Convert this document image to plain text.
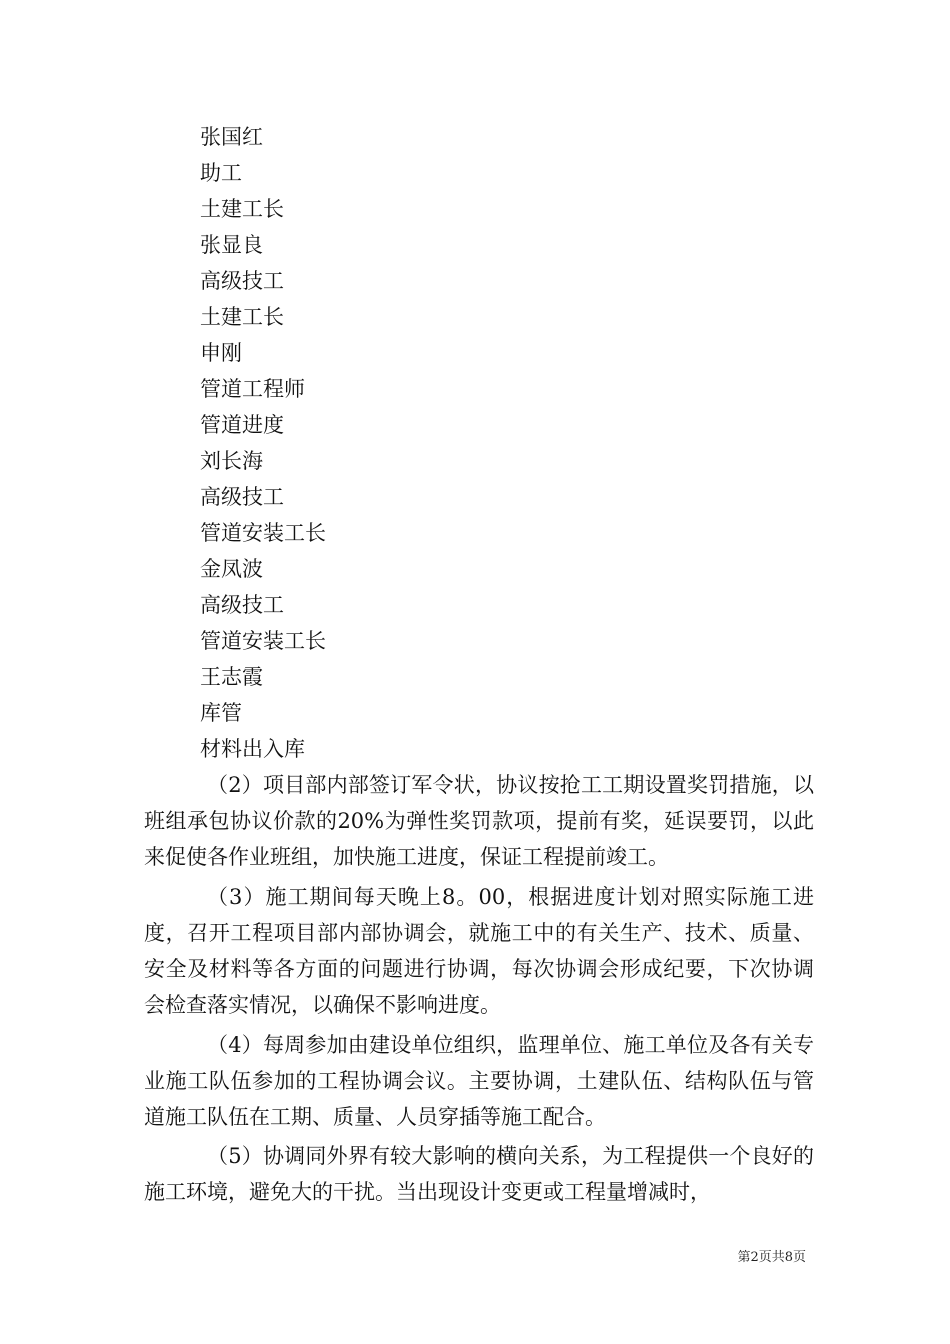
张国红
助工
土建工长
张显良
高级技工
土建工长
申刚
管道工程师
管道进度
刘长海
高级技工
管道安装工长
金凤波
高级技工
管道安装工长
王志霞
库管
材料出入库

（2）项目部内部签订军令状，协议按抢工工期设置奖罚措施，以班组承包协议价款的20%为弹性奖罚款项，提前有奖，延误要罚，以此来促使各作业班组，加快施工进度，保证工程提前竣工。

（3）施工期间每天晚上8。00，根据进度计划对照实际施工进度，召开工程项目部内部协调会，就施工中的有关生产、技术、质量、安全及材料等各方面的问题进行协调，每次协调会形成纪要，下次协调会检查落实情况，以确保不影响进度。

（4）每周参加由建设单位组织，监理单位、施工单位及各有关专业施工队伍参加的工程协调会议。主要协调，土建队伍、结构队伍与管道施工队伍在工期、质量、人员穿插等施工配合。

（5）协调同外界有较大影响的横向关系，为工程提供一个良好的施工环境，避免大的干扰。当出现设计变更或工程量增减时，

第2页共8页
